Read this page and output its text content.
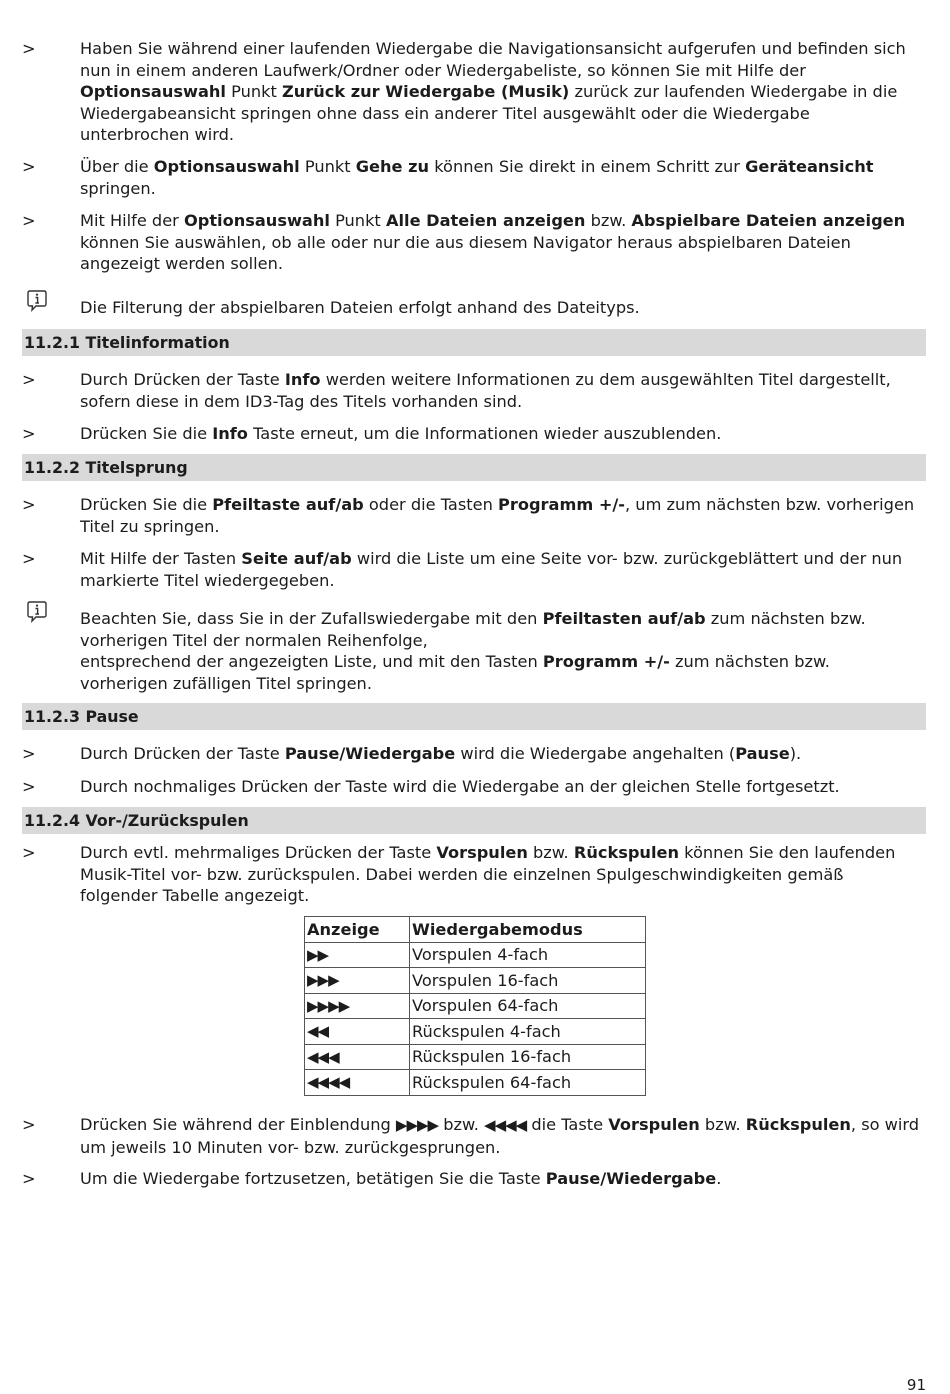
>	Haben Sie während einer laufenden Wiedergabe die Navigationsansicht aufgerufen und befinden sich nun in einem anderen Laufwerk/Ordner oder Wiedergabeliste, so können Sie mit Hilfe der Optionsauswahl Punkt Zurück zur Wiedergabe (Musik) zurück zur laufenden Wiedergabe in die Wiedergabeansicht springen ohne dass ein anderer Titel ausgewählt oder die Wiedergabe unterbrochen wird.
>	Über die Optionsauswahl Punkt Gehe zu können Sie direkt in einem Schritt zur Geräteansicht springen.
>	Mit Hilfe der Optionsauswahl Punkt Alle Dateien anzeigen bzw. Abspielbare Dateien anzeigen können Sie auswählen, ob alle oder nur die aus diesem Navigator heraus abspielbaren Dateien angezeigt werden sollen.
Die Filterung der abspielbaren Dateien erfolgt anhand des Dateityps.
11.2.1 Titelinformation
>	Durch Drücken der Taste Info werden weitere Informationen zu dem ausgewählten Titel dargestellt, sofern diese in dem ID3-Tag des Titels vorhanden sind.
>	Drücken Sie die Info Taste erneut, um die Informationen wieder auszublenden.
11.2.2 Titelsprung
>	Drücken Sie die Pfeiltaste auf/ab oder die Tasten Programm +/-, um zum nächsten bzw. vorherigen Titel zu springen.
>	Mit Hilfe der Tasten Seite auf/ab wird die Liste um eine Seite vor- bzw. zurückgeblättert und der nun markierte Titel wiedergegeben.
Beachten Sie, dass Sie in der Zufallswiedergabe mit den Pfeiltasten auf/ab zum nächsten bzw. vorherigen Titel der normalen Reihenfolge,
entsprechend der angezeigten Liste, und mit den Tasten Programm +/- zum nächsten bzw. vorherigen zufälligen Titel springen.
11.2.3 Pause
>	Durch Drücken der Taste Pause/Wiedergabe wird die Wiedergabe angehalten (Pause).
>	Durch nochmaliges Drücken der Taste wird die Wiedergabe an der gleichen Stelle fortgesetzt.
11.2.4 Vor-/Zurückspulen
>	Durch evtl. mehrmaliges Drücken der Taste Vorspulen bzw. Rückspulen können Sie den laufenden Musik-Titel vor- bzw. zurückspulen. Dabei werden die einzelnen Spulgeschwindigkeiten gemäß folgender Tabelle angezeigt.
Anzeige	Wiedergabemodus
▶▶	Vorspulen 4-fach
▶▶▶	Vorspulen 16-fach
▶▶▶▶	Vorspulen 64-fach
◀◀	Rückspulen 4-fach
◀◀◀	Rückspulen 16-fach
◀◀◀◀	Rückspulen 64-fach
>	Drücken Sie während der Einblendung ▶▶▶▶ bzw. ◀◀◀◀ die Taste Vorspulen bzw. Rückspulen, so wird um jeweils 10 Minuten vor- bzw. zurückgesprungen.
>	Um die Wiedergabe fortzusetzen, betätigen Sie die Taste Pause/Wiedergabe.
91
